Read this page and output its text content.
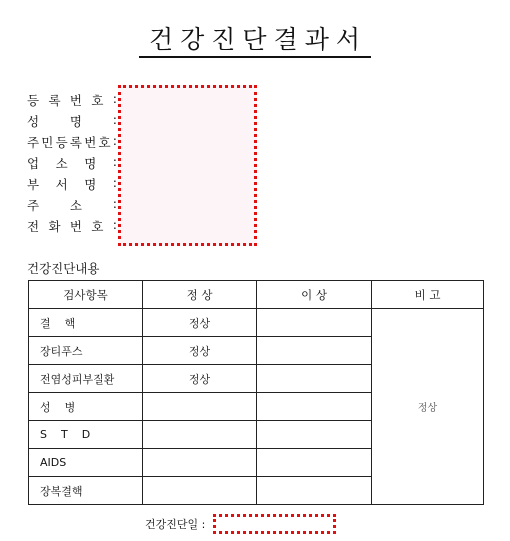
건강진단결과서
등 록 번 호 :
성 명 :
주 민 등 록 번 호 :
업 소 명 :
부 서 명 :
주 소 :
전 화 번 호 :
건강진단내용
검사항목	정 상	이 상	비 고
결핵	정상		정상
장티푸스	정상		
전염성피부질환	정상		
성병			
STD			
AIDS			
장복결핵			
건강진단일 :
